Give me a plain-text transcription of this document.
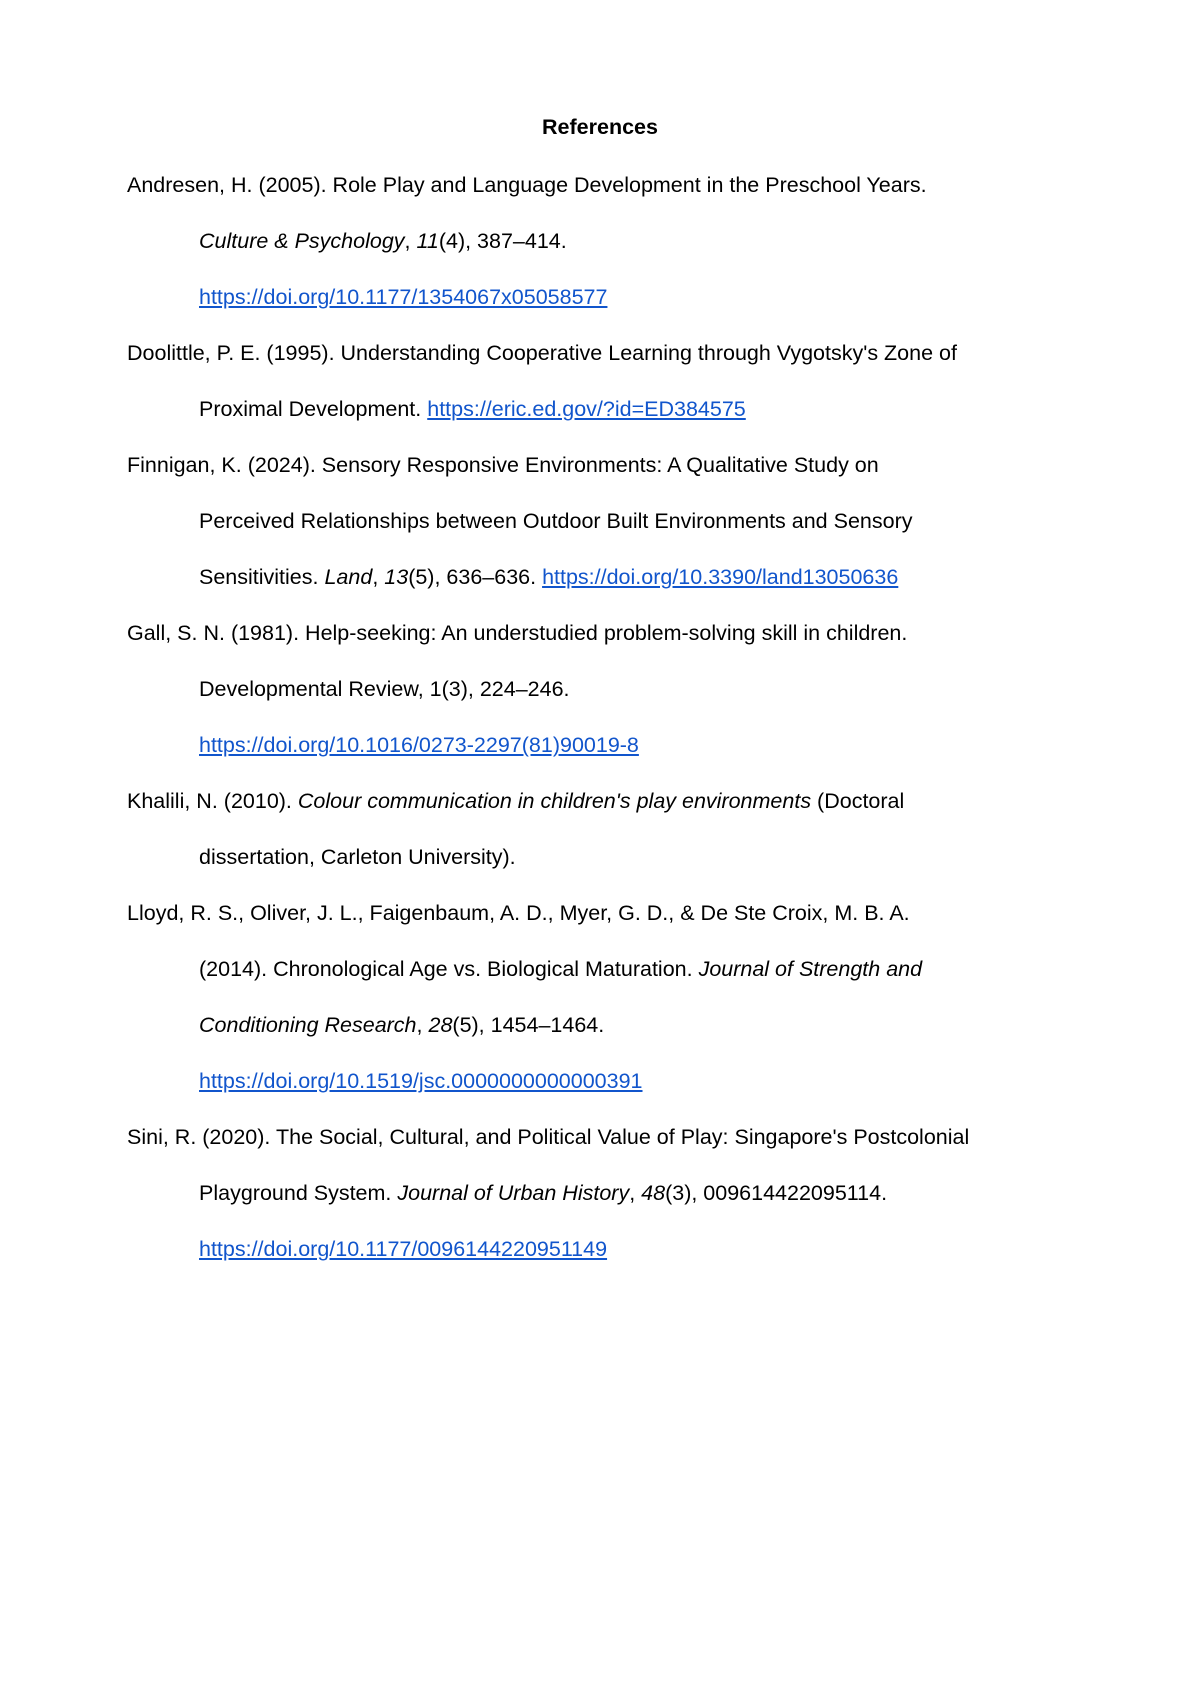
References

Andresen, H. (2005). Role Play and Language Development in the Preschool Years.
Culture & Psychology, 11(4), 387–414.
https://doi.org/10.1177/1354067x05058577

Doolittle, P. E. (1995). Understanding Cooperative Learning through Vygotsky's Zone of
Proximal Development. https://eric.ed.gov/?id=ED384575

Finnigan, K. (2024). Sensory Responsive Environments: A Qualitative Study on
Perceived Relationships between Outdoor Built Environments and Sensory
Sensitivities. Land, 13(5), 636–636. https://doi.org/10.3390/land13050636

Gall, S. N. (1981). Help-seeking: An understudied problem-solving skill in children.
Developmental Review, 1(3), 224–246.
https://doi.org/10.1016/0273-2297(81)90019-8

Khalili, N. (2010). Colour communication in children's play environments (Doctoral
dissertation, Carleton University).

Lloyd, R. S., Oliver, J. L., Faigenbaum, A. D., Myer, G. D., & De Ste Croix, M. B. A.
(2014). Chronological Age vs. Biological Maturation. Journal of Strength and
Conditioning Research, 28(5), 1454–1464.
https://doi.org/10.1519/jsc.0000000000000391

Sini, R. (2020). The Social, Cultural, and Political Value of Play: Singapore's Postcolonial
Playground System. Journal of Urban History, 48(3), 009614422095114.
https://doi.org/10.1177/0096144220951149
